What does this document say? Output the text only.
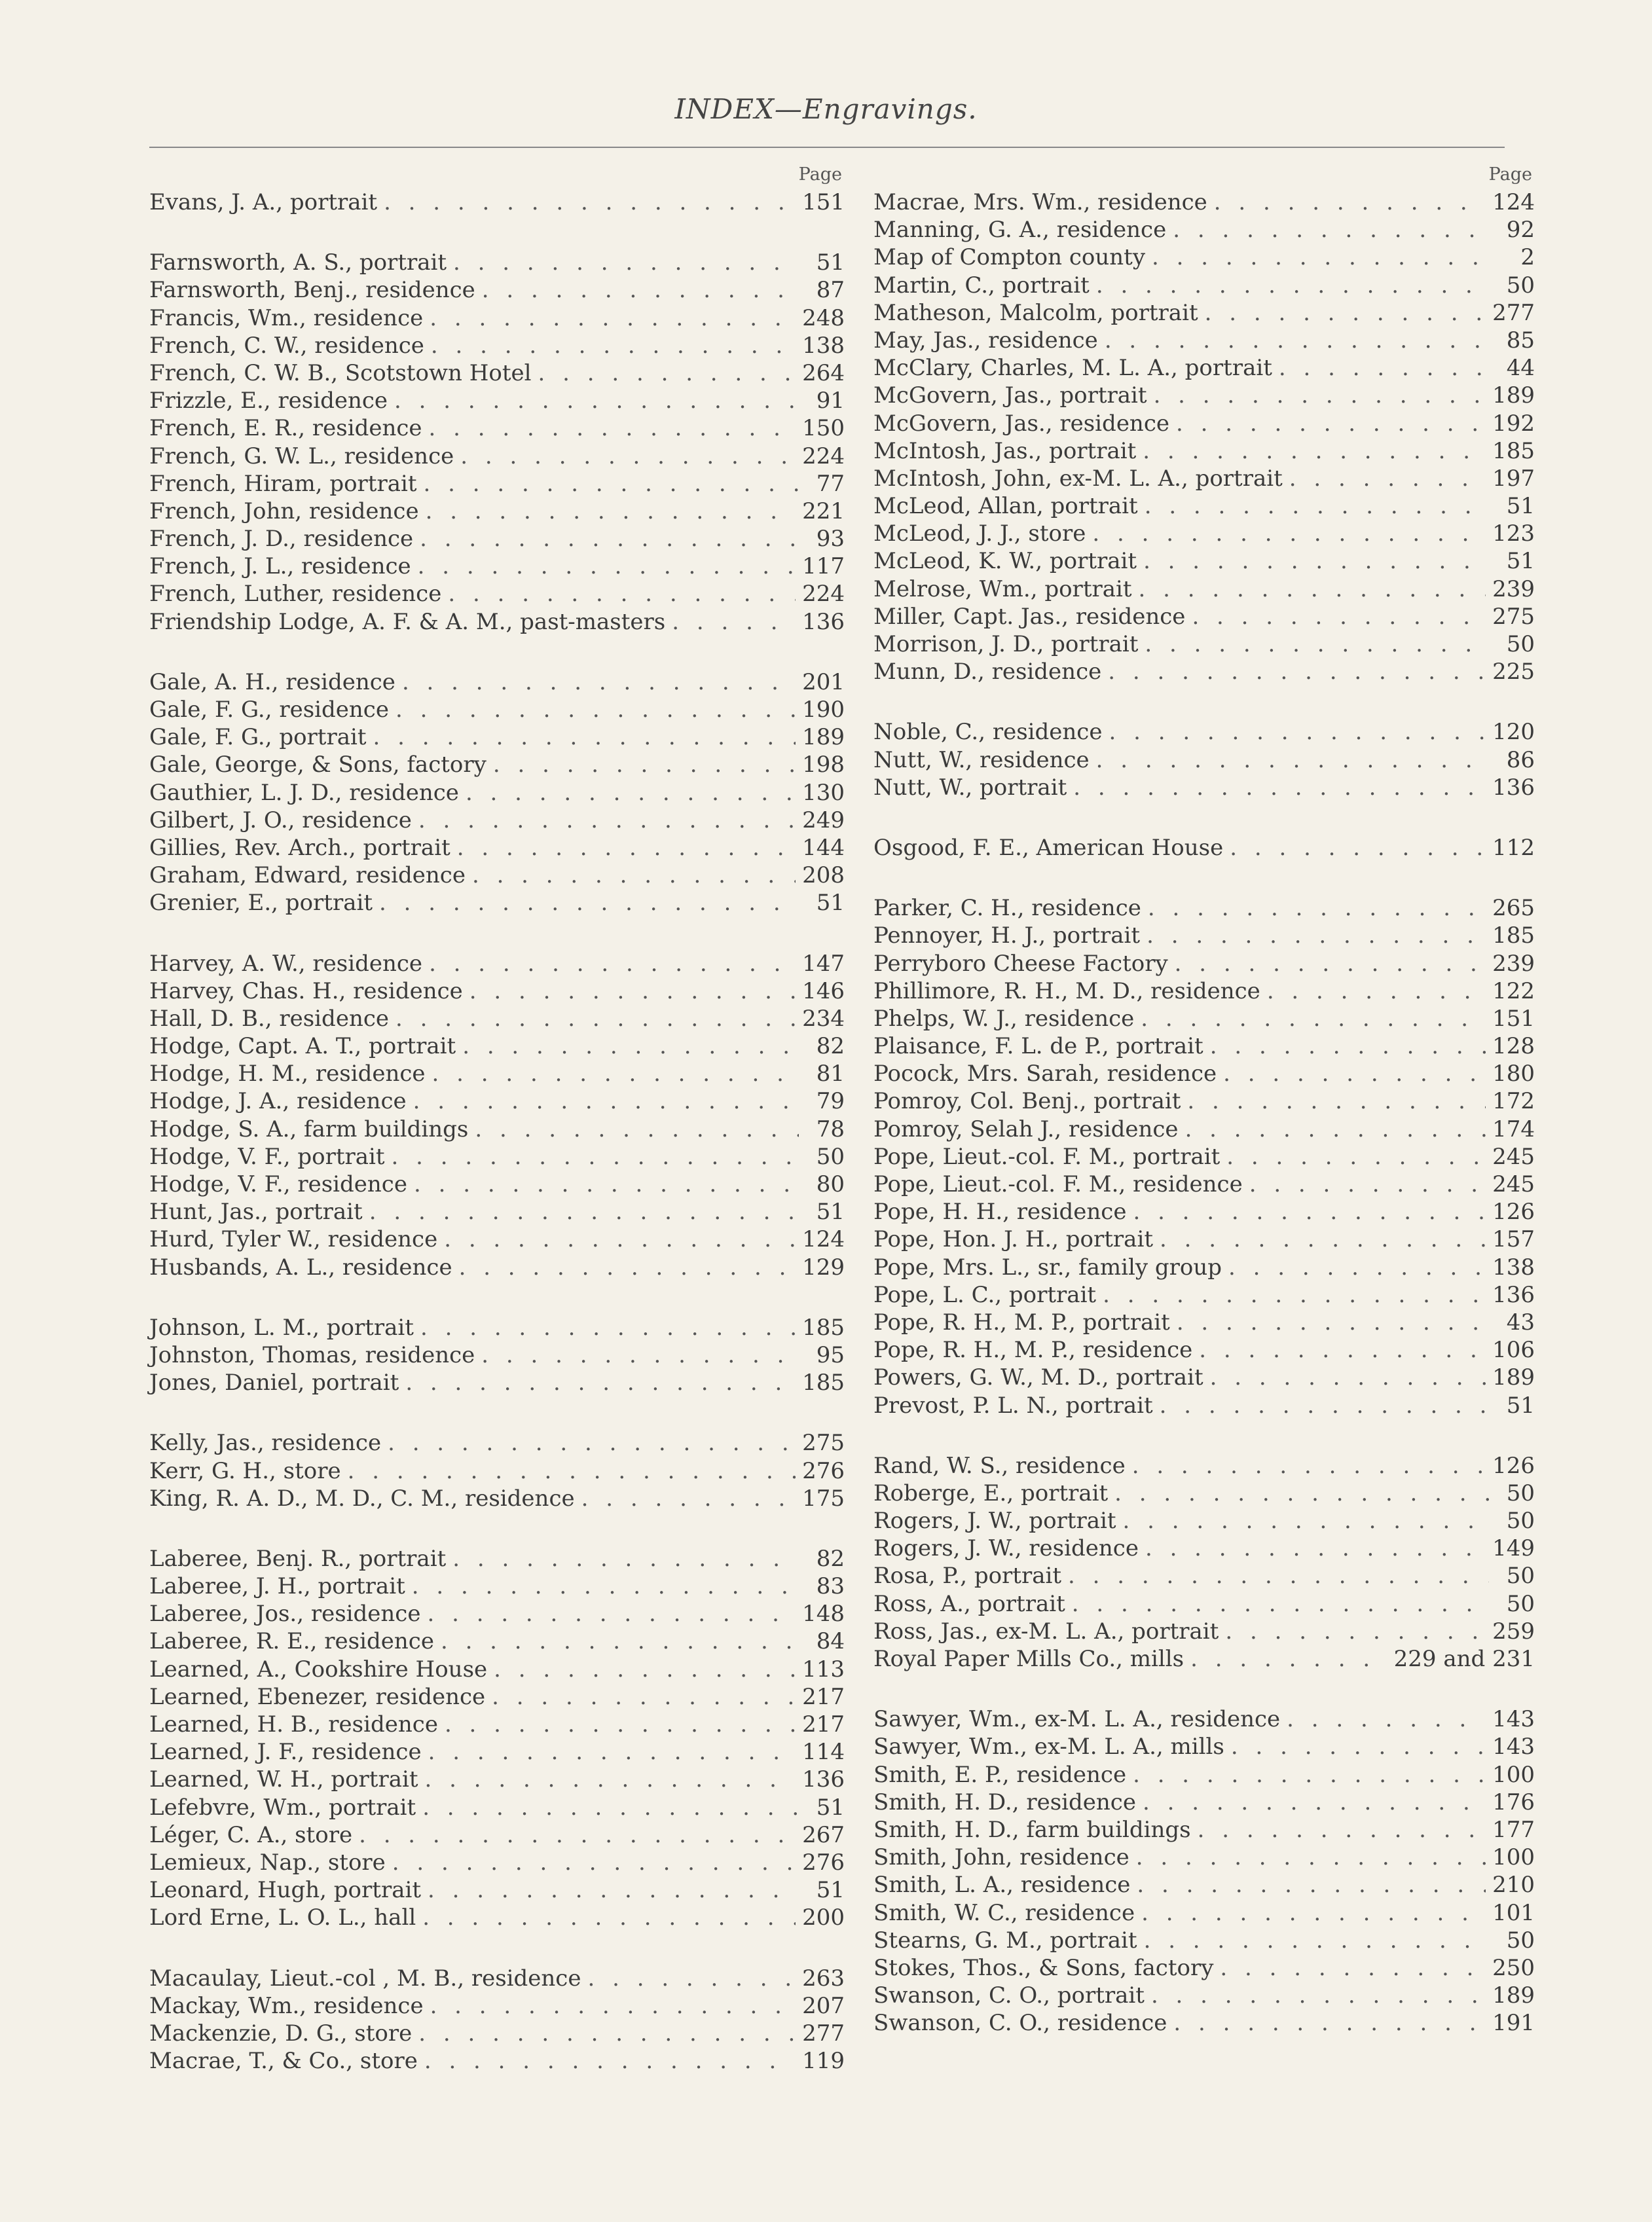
INDEX—Engravings.
Page
Evans, J. A., portrait . . .	151
Farnsworth, A. S., portrait . . .	51
Farnsworth, Benj., residence . . .	87
Francis, Wm., residence . . .	248
French, C. W., residence . . .	138
French, C. W. B., Scotstown Hotel . . .	264
Frizzle, E., residence . . .	91
French, E. R., residence . . .	150
French, G. W. L., residence . . .	224
French, Hiram, portrait . . .	77
French, John, residence . . .	221
French, J. D., residence . . .	93
French, J. L., residence . . .	117
French, Luther, residence . . .	224
Friendship Lodge, A. F. & A. M., past-masters . . .	136
Gale, A. H., residence . . .	201
Gale, F. G., residence . . .	190
Gale, F. G., portrait . . .	189
Gale, George, & Sons, factory . . .	198
Gauthier, L. J. D., residence . . .	130
Gilbert, J. O., residence . . .	249
Gillies, Rev. Arch., portrait . . .	144
Graham, Edward, residence . . .	208
Grenier, E., portrait . . .	51
Harvey, A. W., residence . . .	147
Harvey, Chas. H., residence . . .	146
Hall, D. B., residence . . .	234
Hodge, Capt. A. T., portrait . . .	82
Hodge, H. M., residence . . .	81
Hodge, J. A., residence . . .	79
Hodge, S. A., farm buildings . . .	78
Hodge, V. F., portrait . . .	50
Hodge, V. F., residence . . .	80
Hunt, Jas., portrait . . .	51
Hurd, Tyler W., residence . . .	124
Husbands, A. L., residence . . .	129
Johnson, L. M., portrait . . .	185
Johnston, Thomas, residence . . .	95
Jones, Daniel, portrait . . .	185
Kelly, Jas., residence . . .	275
Kerr, G. H., store . . .	276
King, R. A. D., M. D., C. M., residence . . .	175
Laberee, Benj. R., portrait . . .	82
Laberee, J. H., portrait . . .	83
Laberee, Jos., residence . . .	148
Laberee, R. E., residence . . .	84
Learned, A., Cookshire House . . .	113
Learned, Ebenezer, residence . . .	217
Learned, H. B., residence . . .	217
Learned, J. F., residence . . .	114
Learned, W. H., portrait . . .	136
Lefebvre, Wm., portrait . . .	51
Léger, C. A., store . . .	267
Lemieux, Nap., store . . .	276
Leonard, Hugh, portrait . . .	51
Lord Erne, L. O. L., hall . . .	200
Macaulay, Lieut.-col , M. B., residence . . .	263
Mackay, Wm., residence . . .	207
Mackenzie, D. G., store . . .	277
Macrae, T., & Co., store . . .	119
Page
Macrae, Mrs. Wm., residence . . .	124
Manning, G. A., residence . . .	92
Map of Compton county . . .	2
Martin, C., portrait . . .	50
Matheson, Malcolm, portrait . . .	277
May, Jas., residence . . .	85
McClary, Charles, M. L. A., portrait . . .	44
McGovern, Jas., portrait . . .	189
McGovern, Jas., residence . . .	192
McIntosh, Jas., portrait . . .	185
McIntosh, John, ex-M. L. A., portrait . . .	197
McLeod, Allan, portrait . . .	51
McLeod, J. J., store . . .	123
McLeod, K. W., portrait . . .	51
Melrose, Wm., portrait . . .	239
Miller, Capt. Jas., residence . . .	275
Morrison, J. D., portrait . . .	50
Munn, D., residence . . .	225
Noble, C., residence . . .	120
Nutt, W., residence . . .	86
Nutt, W., portrait . . .	136
Osgood, F. E., American House . . .	112
Parker, C. H., residence . . .	265
Pennoyer, H. J., portrait . . .	185
Perryboro Cheese Factory . . .	239
Phillimore, R. H., M. D., residence . . .	122
Phelps, W. J., residence . . .	151
Plaisance, F. L. de P., portrait . . .	128
Pocock, Mrs. Sarah, residence . . .	180
Pomroy, Col. Benj., portrait . . .	172
Pomroy, Selah J., residence . . .	174
Pope, Lieut.-col. F. M., portrait . . .	245
Pope, Lieut.-col. F. M., residence . . .	245
Pope, H. H., residence . . .	126
Pope, Hon. J. H., portrait . . .	157
Pope, Mrs. L., sr., family group . . .	138
Pope, L. C., portrait . . .	136
Pope, R. H., M. P., portrait . . .	43
Pope, R. H., M. P., residence . . .	106
Powers, G. W., M. D., portrait . . .	189
Prevost, P. L. N., portrait . . .	51
Rand, W. S., residence . . .	126
Roberge, E., portrait . . .	50
Rogers, J. W., portrait . . .	50
Rogers, J. W., residence . . .	149
Rosa, P., portrait . . .	50
Ross, A., portrait . . .	50
Ross, Jas., ex-M. L. A., portrait . . .	259
Royal Paper Mills Co., mills . . .	229 and 231
Sawyer, Wm., ex-M. L. A., residence . . .	143
Sawyer, Wm., ex-M. L. A., mills . . .	143
Smith, E. P., residence . . .	100
Smith, H. D., residence . . .	176
Smith, H. D., farm buildings . . .	177
Smith, John, residence . . .	100
Smith, L. A., residence . . .	210
Smith, W. C., residence . . .	101
Stearns, G. M., portrait . . .	50
Stokes, Thos., & Sons, factory . . .	250
Swanson, C. O., portrait . . .	189
Swanson, C. O., residence . . .	191
